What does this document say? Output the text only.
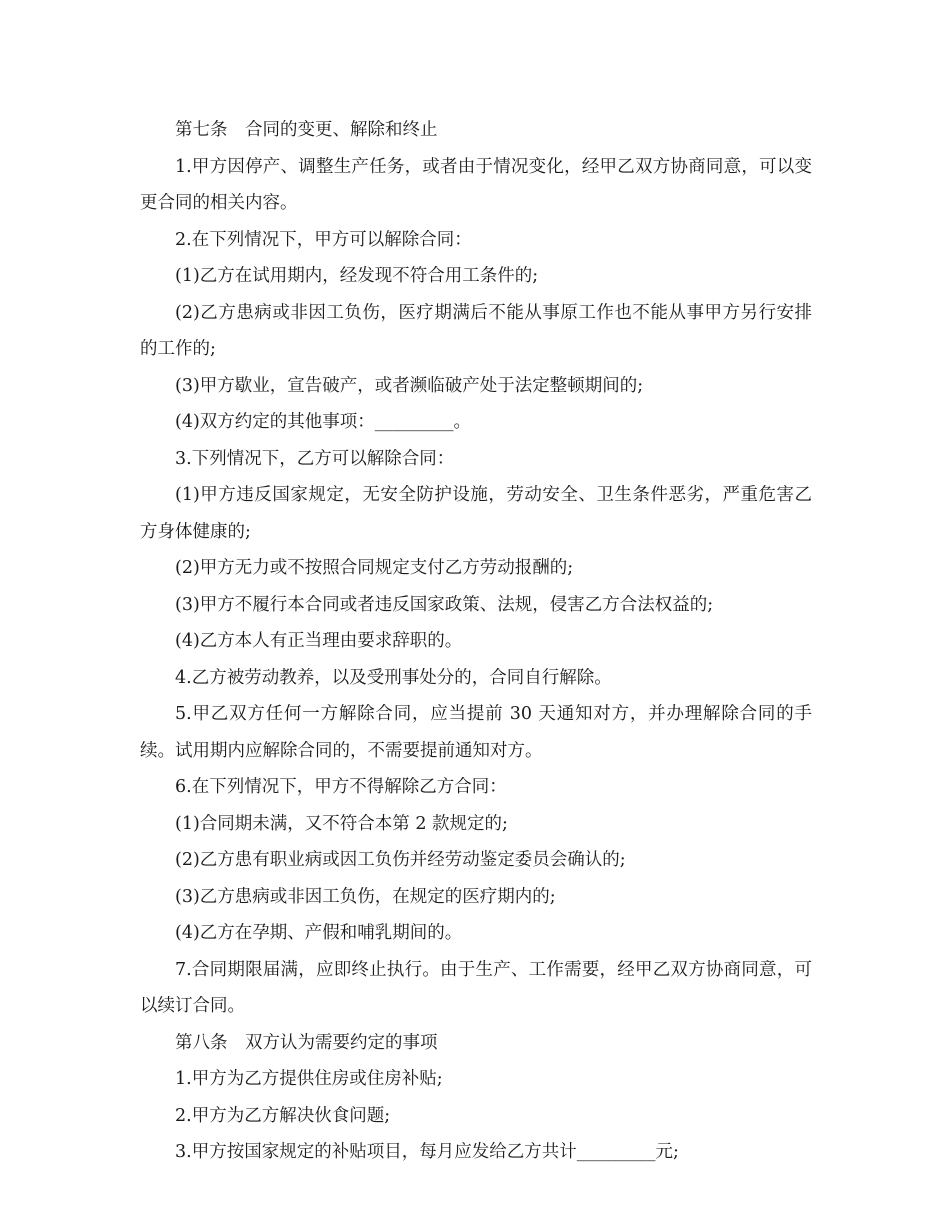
第七条　合同的变更、解除和终止

1.甲方因停产、调整生产任务，或者由于情况变化，经甲乙双方协商同意，可以变更合同的相关内容。

2.在下列情况下，甲方可以解除合同：

(1)乙方在试用期内，经发现不符合用工条件的;

(2)乙方患病或非因工负伤，医疗期满后不能从事原工作也不能从事甲方另行安排的工作的;

(3)甲方歇业，宣告破产，或者濒临破产处于法定整顿期间的;

(4)双方约定的其他事项：_________。

3.下列情况下，乙方可以解除合同：

(1)甲方违反国家规定，无安全防护设施，劳动安全、卫生条件恶劣，严重危害乙方身体健康的;

(2)甲方无力或不按照合同规定支付乙方劳动报酬的;

(3)甲方不履行本合同或者违反国家政策、法规，侵害乙方合法权益的;

(4)乙方本人有正当理由要求辞职的。

4.乙方被劳动教养，以及受刑事处分的，合同自行解除。

5.甲乙双方任何一方解除合同，应当提前 30 天通知对方，并办理解除合同的手续。试用期内应解除合同的，不需要提前通知对方。

6.在下列情况下，甲方不得解除乙方合同：

(1)合同期未满，又不符合本第 2 款规定的;

(2)乙方患有职业病或因工负伤并经劳动鉴定委员会确认的;

(3)乙方患病或非因工负伤，在规定的医疗期内的;

(4)乙方在孕期、产假和哺乳期间的。

7.合同期限届满，应即终止执行。由于生产、工作需要，经甲乙双方协商同意，可以续订合同。

第八条　双方认为需要约定的事项

1.甲方为乙方提供住房或住房补贴;

2.甲方为乙方解决伙食问题;

3.甲方按国家规定的补贴项目，每月应发给乙方共计_________元;
